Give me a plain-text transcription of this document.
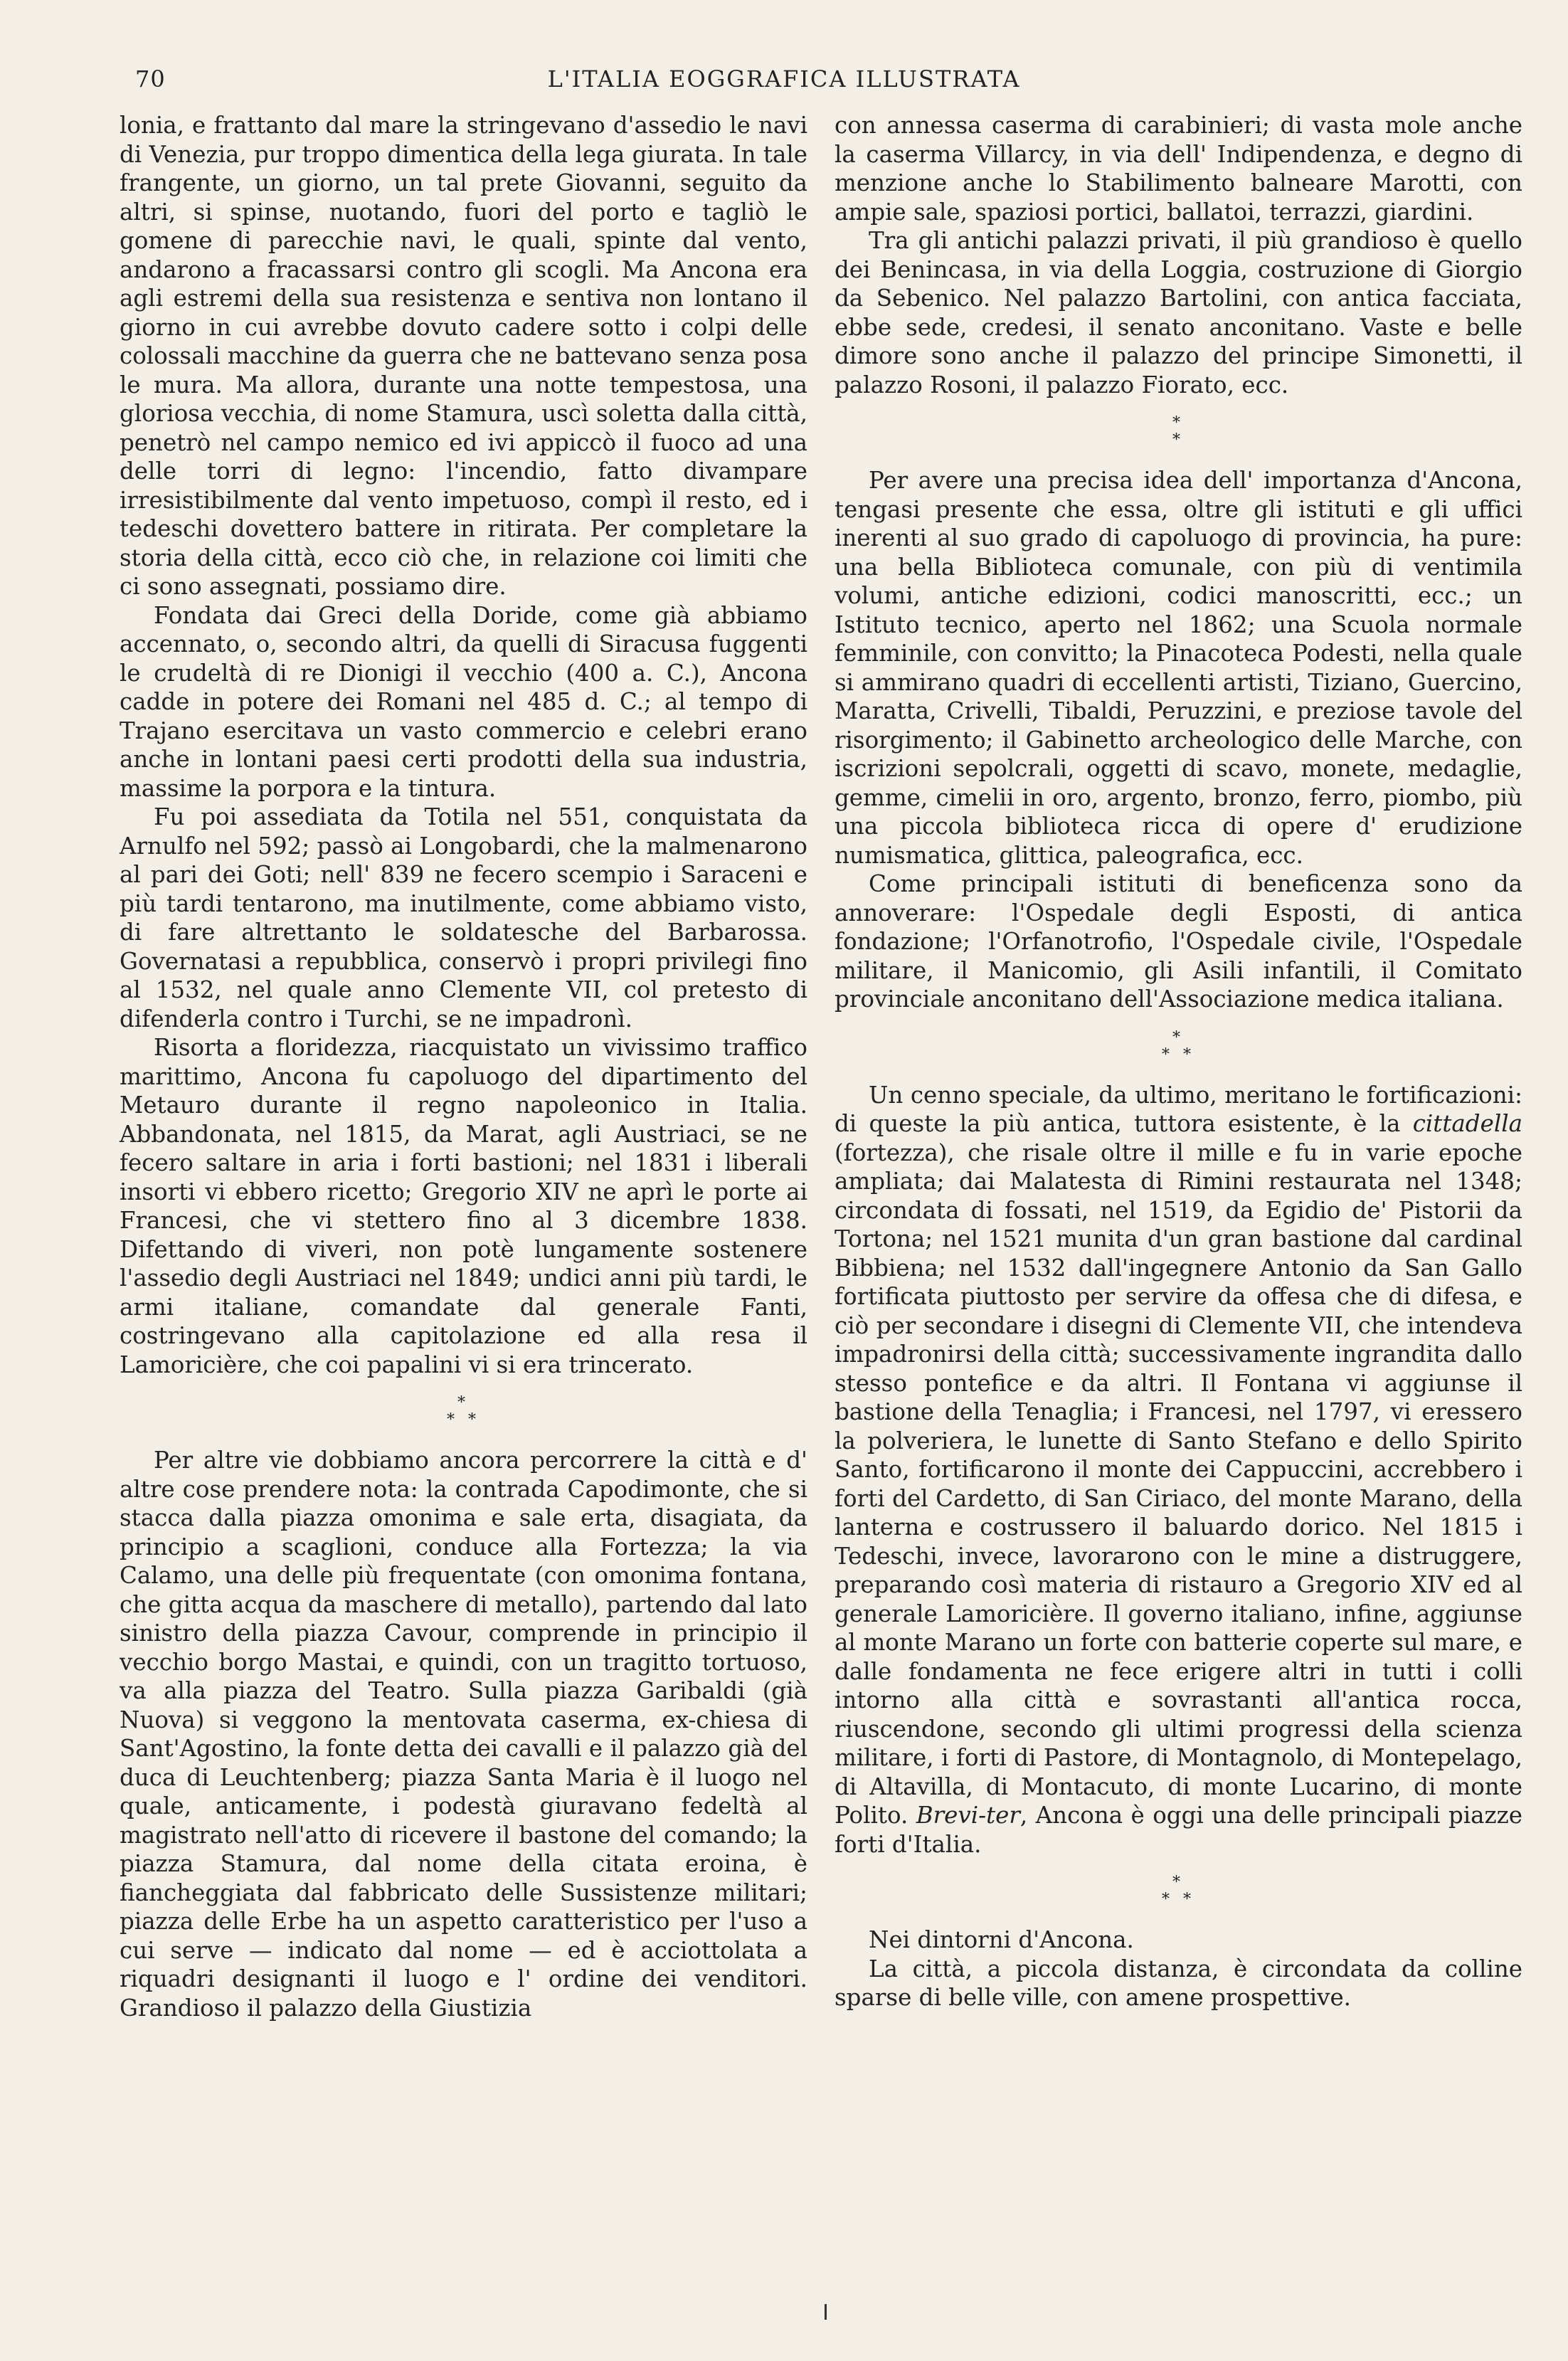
70	L'ITALIA EOGGRAFICA ILLUSTRATA

lonia, e frattanto dal mare la stringevano d'assedio le navi di Venezia, pur troppo dimentica della lega giurata. In tale frangente, un giorno, un tal prete Giovanni, seguito da altri, si spinse, nuotando, fuori del porto e tagliò le gomene di parecchie navi, le quali, spinte dal vento, andarono a fracassarsi contro gli scogli. Ma Ancona era agli estremi della sua resistenza e sentiva non lontano il giorno in cui avrebbe dovuto cadere sotto i colpi delle colossali macchine da guerra che ne battevano senza posa le mura. Ma allora, durante una notte tempestosa, una gloriosa vecchia, di nome Stamura, uscì soletta dalla città, penetrò nel campo nemico ed ivi appiccò il fuoco ad una delle torri di legno: l'incendio, fatto divampare irresistibilmente dal vento impetuoso, compì il resto, ed i tedeschi dovettero battere in ritirata. Per completare la storia della città, ecco ciò che, in relazione coi limiti che ci sono assegnati, possiamo dire.

Fondata dai Greci della Doride, come già abbiamo accennato, o, secondo altri, da quelli di Siracusa fuggenti le crudeltà di re Dionigi il vecchio (400 a. C.), Ancona cadde in potere dei Romani nel 485 d. C.; al tempo di Trajano esercitava un vasto commercio e celebri erano anche in lontani paesi certi prodotti della sua industria, massime la porpora e la tintura.

Fu poi assediata da Totila nel 551, conquistata da Arnulfo nel 592; passò ai Longobardi, che la malmenarono al pari dei Goti; nell' 839 ne fecero scempio i Saraceni e più tardi tentarono, ma inutilmente, come abbiamo visto, di fare altrettanto le soldatesche del Barbarossa. Governatasi a repubblica, conservò i propri privilegi fino al 1532, nel quale anno Clemente VII, col pretesto di difenderla contro i Turchi, se ne impadronì.

Risorta a floridezza, riacquistato un vivissimo traffico marittimo, Ancona fu capoluogo del dipartimento del Metauro durante il regno napoleonico in Italia. Abbandonata, nel 1815, da Marat, agli Austriaci, se ne fecero saltare in aria i forti bastioni; nel 1831 i liberali insorti vi ebbero ricetto; Gregorio XIV ne aprì le porte ai Francesi, che vi stettero fino al 3 dicembre 1838. Difettando di viveri, non potè lungamente sostenere l'assedio degli Austriaci nel 1849; undici anni più tardi, le armi italiane, comandate dal generale Fanti, costringevano alla capitolazione ed alla resa il Lamoricière, che coi papalini vi si era trincerato.

*
* *

Per altre vie dobbiamo ancora percorrere la città e d' altre cose prendere nota: la contrada Capodimonte, che si stacca dalla piazza omonima e sale erta, disagiata, da principio a scaglioni, conduce alla Fortezza; la via Calamo, una delle più frequentate (con omonima fontana, che gitta acqua da maschere di metallo), partendo dal lato sinistro della piazza Cavour, comprende in principio il vecchio borgo Mastai, e quindi, con un tragitto tortuoso, va alla piazza del Teatro. Sulla piazza Garibaldi (già Nuova) si veggono la mentovata caserma, ex-chiesa di Sant'Agostino, la fonte detta dei cavalli e il palazzo già del duca di Leuchtenberg; piazza Santa Maria è il luogo nel quale, anticamente, i podestà giuravano fedeltà al magistrato nell'atto di ricevere il bastone del comando; la piazza Stamura, dal nome della citata eroina, è fiancheggiata dal fabbricato delle Sussistenze militari; piazza delle Erbe ha un aspetto caratteristico per l'uso a cui serve — indicato dal nome — ed è acciottolata a riquadri designanti il luogo e l' ordine dei venditori. Grandioso il palazzo della Giustizia

con annessa caserma di carabinieri; di vasta mole anche la caserma Villarcy, in via dell' Indipendenza, e degno di menzione anche lo Stabilimento balneare Marotti, con ampie sale, spaziosi portici, ballatoi, terrazzi, giardini.

Tra gli antichi palazzi privati, il più grandioso è quello dei Benincasa, in via della Loggia, costruzione di Giorgio da Sebenico. Nel palazzo Bartolini, con antica facciata, ebbe sede, credesi, il senato anconitano. Vaste e belle dimore sono anche il palazzo del principe Simonetti, il palazzo Rosoni, il palazzo Fiorato, ecc.

*
*

Per avere una precisa idea dell' importanza d'Ancona, tengasi presente che essa, oltre gli istituti e gli uffici inerenti al suo grado di capoluogo di provincia, ha pure: una bella Biblioteca comunale, con più di ventimila volumi, antiche edizioni, codici manoscritti, ecc.; un Istituto tecnico, aperto nel 1862; una Scuola normale femminile, con convitto; la Pinacoteca Podesti, nella quale si ammirano quadri di eccellenti artisti, Tiziano, Guercino, Maratta, Crivelli, Tibaldi, Peruzzini, e preziose tavole del risorgimento; il Gabinetto archeologico delle Marche, con iscrizioni sepolcrali, oggetti di scavo, monete, medaglie, gemme, cimelii in oro, argento, bronzo, ferro, piombo, più una piccola biblioteca ricca di opere d' erudizione numismatica, glittica, paleografica, ecc.

Come principali istituti di beneficenza sono da annoverare: l'Ospedale degli Esposti, di antica fondazione; l'Orfanotrofio, l'Ospedale civile, l'Ospedale militare, il Manicomio, gli Asili infantili, il Comitato provinciale anconitano dell'Associazione medica italiana.

*
* *

Un cenno speciale, da ultimo, meritano le fortificazioni: di queste la più antica, tuttora esistente, è la cittadella (fortezza), che risale oltre il mille e fu in varie epoche ampliata; dai Malatesta di Rimini restaurata nel 1348; circondata di fossati, nel 1519, da Egidio de' Pistorii da Tortona; nel 1521 munita d'un gran bastione dal cardinal Bibbiena; nel 1532 dall'ingegnere Antonio da San Gallo fortificata piuttosto per servire da offesa che di difesa, e ciò per secondare i disegni di Clemente VII, che intendeva impadronirsi della città; successivamente ingrandita dallo stesso pontefice e da altri. Il Fontana vi aggiunse il bastione della Tenaglia; i Francesi, nel 1797, vi eressero la polveriera, le lunette di Santo Stefano e dello Spirito Santo, fortificarono il monte dei Cappuccini, accrebbero i forti del Cardetto, di San Ciriaco, del monte Marano, della lanterna e costrussero il baluardo dorico. Nel 1815 i Tedeschi, invece, lavorarono con le mine a distruggere, preparando così materia di ristauro a Gregorio XIV ed al generale Lamoricière. Il governo italiano, infine, aggiunse al monte Marano un forte con batterie coperte sul mare, e dalle fondamenta ne fece erigere altri in tutti i colli intorno alla città e sovrastanti all'antica rocca, riuscendone, secondo gli ultimi progressi della scienza militare, i forti di Pastore, di Montagnolo, di Montepelago, di Altavilla, di Montacuto, di monte Lucarino, di monte Polito. Brevi-ter, Ancona è oggi una delle principali piazze forti d'Italia.

*
* *

Nei dintorni d'Ancona.

La città, a piccola distanza, è circondata da colline sparse di belle ville, con amene prospettive.
